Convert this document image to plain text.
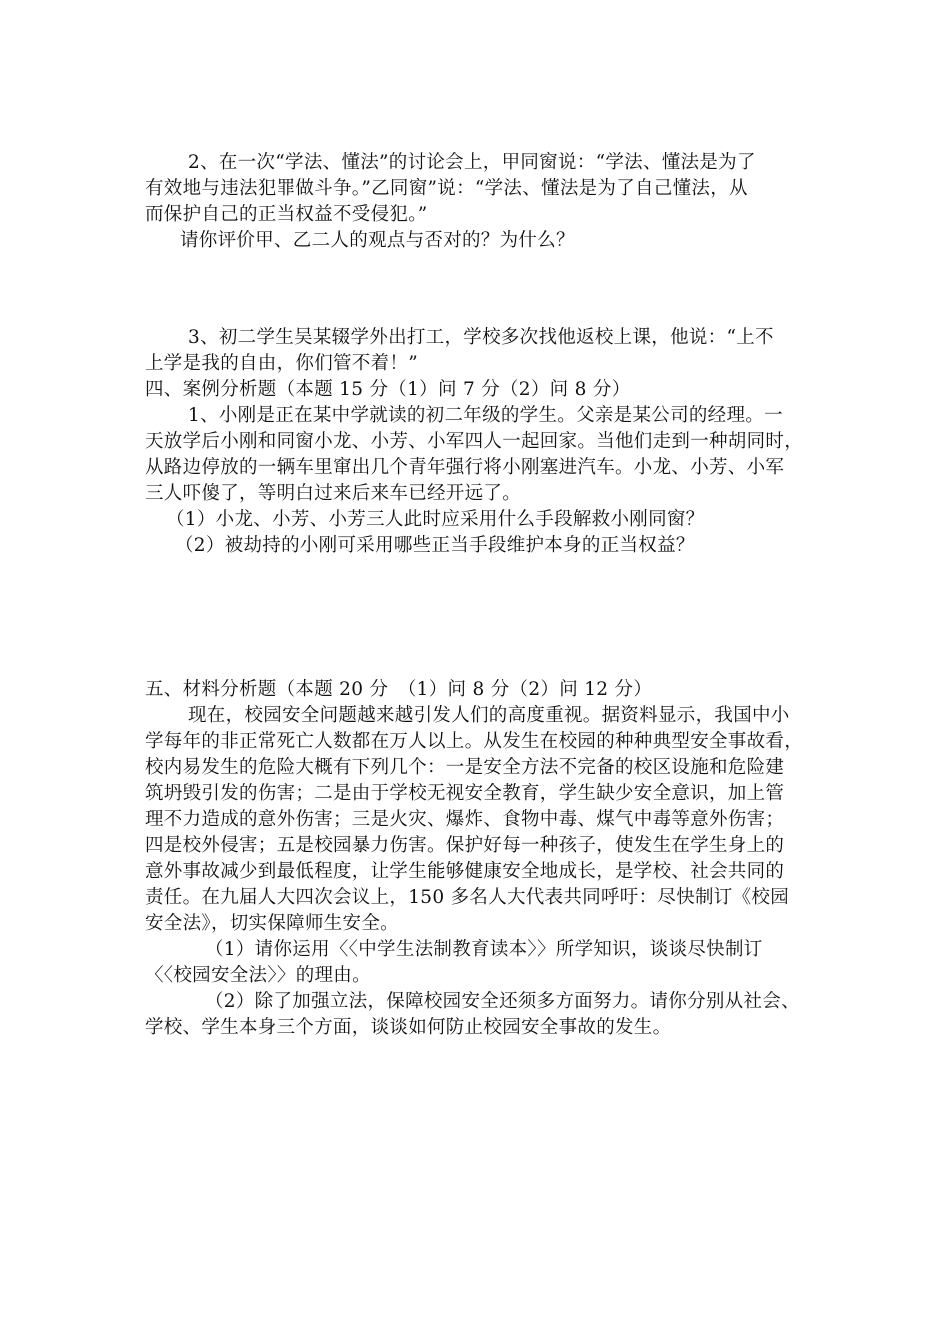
2、在一次“学法、懂法”的讨论会上，甲同窗说：“学法、懂法是为了
有效地与违法犯罪做斗争。”乙同窗”说：“学法、懂法是为了自己懂法，从
而保护自己的正当权益不受侵犯。”
请你评价甲、乙二人的观点与否对的？为什么？
3、初二学生吴某辍学外出打工，学校多次找他返校上课，他说：“上不
上学是我的自由，你们管不着！”
四、案例分析题（本题 15 分（1）问 7 分（2）问 8 分）
1、小刚是正在某中学就读的初二年级的学生。父亲是某公司的经理。一
天放学后小刚和同窗小龙、小芳、小军四人一起回家。当他们走到一种胡同时，
从路边停放的一辆车里窜出几个青年强行将小刚塞进汽车。小龙、小芳、小军
三人吓傻了，等明白过来后来车已经开远了。
（1）小龙、小芳、小芳三人此时应采用什么手段解救小刚同窗？
（2）被劫持的小刚可采用哪些正当手段维护本身的正当权益？
五、材料分析题（本题 20 分　（1）问 8 分（2）问 12 分）
现在，校园安全问题越来越引发人们的高度重视。据资料显示，我国中小
学每年的非正常死亡人数都在万人以上。从发生在校园的种种典型安全事故看，
校内易发生的危险大概有下列几个：一是安全方法不完备的校区设施和危险建
筑坍毁引发的伤害；二是由于学校无视安全教育，学生缺少安全意识，加上管
理不力造成的意外伤害；三是火灾、爆炸、食物中毒、煤气中毒等意外伤害；
四是校外侵害；五是校园暴力伤害。保护好每一种孩子，使发生在学生身上的
意外事故减少到最低程度，让学生能够健康安全地成长，是学校、社会共同的
责任。在九届人大四次会议上，150 多名人大代表共同呼吁：尽快制订《校园
安全法》，切实保障师生安全。
（1）请你运用〈〈中学生法制教育读本〉〉所学知识，谈谈尽快制订
〈〈校园安全法〉〉的理由。
（2）除了加强立法，保障校园安全还须多方面努力。请你分别从社会、
学校、学生本身三个方面，谈谈如何防止校园安全事故的发生。
